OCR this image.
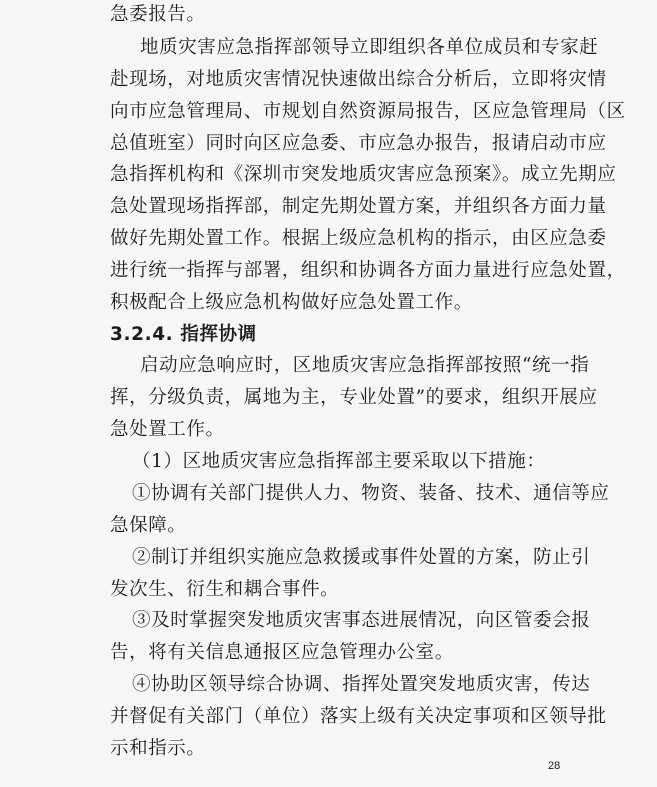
急委报告。
地质灾害应急指挥部领导立即组织各单位成员和专家赶
赴现场，对地质灾害情况快速做出综合分析后，立即将灾情
向市应急管理局、市规划自然资源局报告，区应急管理局（区
总值班室）同时向区应急委、市应急办报告，报请启动市应
急指挥机构和《深圳市突发地质灾害应急预案》。成立先期应
急处置现场指挥部，制定先期处置方案，并组织各方面力量
做好先期处置工作。根据上级应急机构的指示，由区应急委
进行统一指挥与部署，组织和协调各方面力量进行应急处置，
积极配合上级应急机构做好应急处置工作。
3.2.4. 指挥协调
启动应急响应时，区地质灾害应急指挥部按照“统一指
挥，分级负责，属地为主，专业处置”的要求，组织开展应
急处置工作。
（1）区地质灾害应急指挥部主要采取以下措施：
①协调有关部门提供人力、物资、装备、技术、通信等应
急保障。
②制订并组织实施应急救援或事件处置的方案，防止引
发次生、衍生和耦合事件。
③及时掌握突发地质灾害事态进展情况，向区管委会报
告，将有关信息通报区应急管理办公室。
④协助区领导综合协调、指挥处置突发地质灾害，传达
并督促有关部门（单位）落实上级有关决定事项和区领导批
示和指示。
28
